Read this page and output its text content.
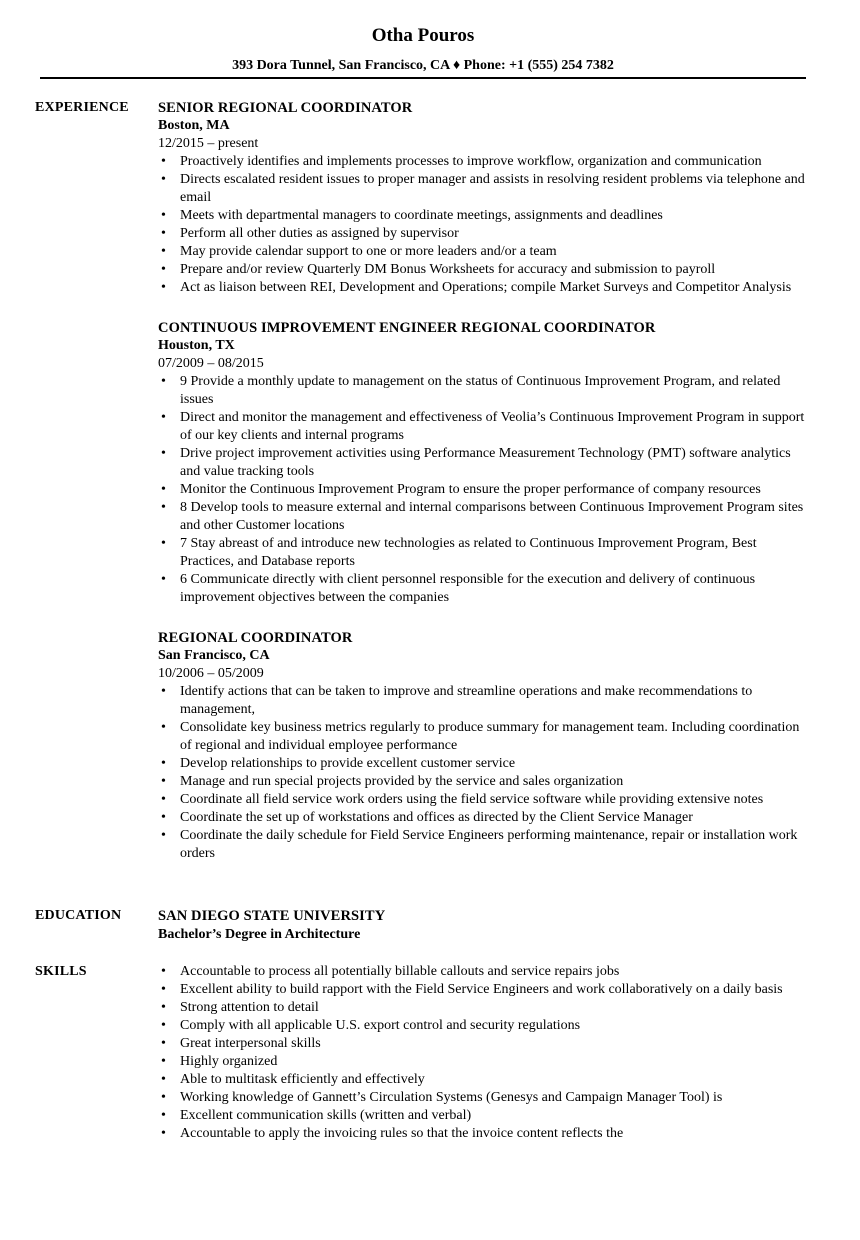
Otha Pouros
393 Dora Tunnel, San Francisco, CA ♦ Phone: +1 (555) 254 7382
EXPERIENCE SENIOR REGIONAL COORDINATOR
Boston, MA
12/2015 – present
• Proactively identifies and implements processes to improve workflow, organization and communication
• Directs escalated resident issues to proper manager and assists in resolving resident problems via telephone and email
• Meets with departmental managers to coordinate meetings, assignments and deadlines
• Perform all other duties as assigned by supervisor
• May provide calendar support to one or more leaders and/or a team
• Prepare and/or review Quarterly DM Bonus Worksheets for accuracy and submission to payroll
• Act as liaison between REI, Development and Operations; compile Market Surveys and Competitor Analysis
CONTINUOUS IMPROVEMENT ENGINEER REGIONAL COORDINATOR
Houston, TX
07/2009 – 08/2015
• 9 Provide a monthly update to management on the status of Continuous Improvement Program, and related issues
• Direct and monitor the management and effectiveness of Veolia’s Continuous Improvement Program in support of our key clients and internal programs
• Drive project improvement activities using Performance Measurement Technology (PMT) software analytics and value tracking tools
• Monitor the Continuous Improvement Program to ensure the proper performance of company resources
• 8 Develop tools to measure external and internal comparisons between Continuous Improvement Program sites and other Customer locations
• 7 Stay abreast of and introduce new technologies as related to Continuous Improvement Program, Best Practices, and Database reports
• 6 Communicate directly with client personnel responsible for the execution and delivery of continuous improvement objectives between the companies
REGIONAL COORDINATOR
San Francisco, CA
10/2006 – 05/2009
• Identify actions that can be taken to improve and streamline operations and make recommendations to management,
• Consolidate key business metrics regularly to produce summary for management team. Including coordination of regional and individual employee performance
• Develop relationships to provide excellent customer service
• Manage and run special projects provided by the service and sales organization
• Coordinate all field service work orders using the field service software while providing extensive notes
• Coordinate the set up of workstations and offices as directed by the Client Service Manager
• Coordinate the daily schedule for Field Service Engineers performing maintenance, repair or installation work orders
EDUCATION	SAN DIEGO STATE UNIVERSITY
Bachelor’s Degree in Architecture
SKILLS
•	Accountable to process all potentially billable callouts and service repairs jobs
• Excellent ability to build rapport with the Field Service Engineers and work collaboratively on a daily basis
• Strong attention to detail
• Comply with all applicable U.S. export control and security regulations
• Great interpersonal skills
• Highly organized
• Able to multitask efficiently and effectively
• Working knowledge of Gannett’s Circulation Systems (Genesys and Campaign Manager Tool) is
• Excellent communication skills (written and verbal)
• Accountable to apply the invoicing rules so that the invoice content reflects the
